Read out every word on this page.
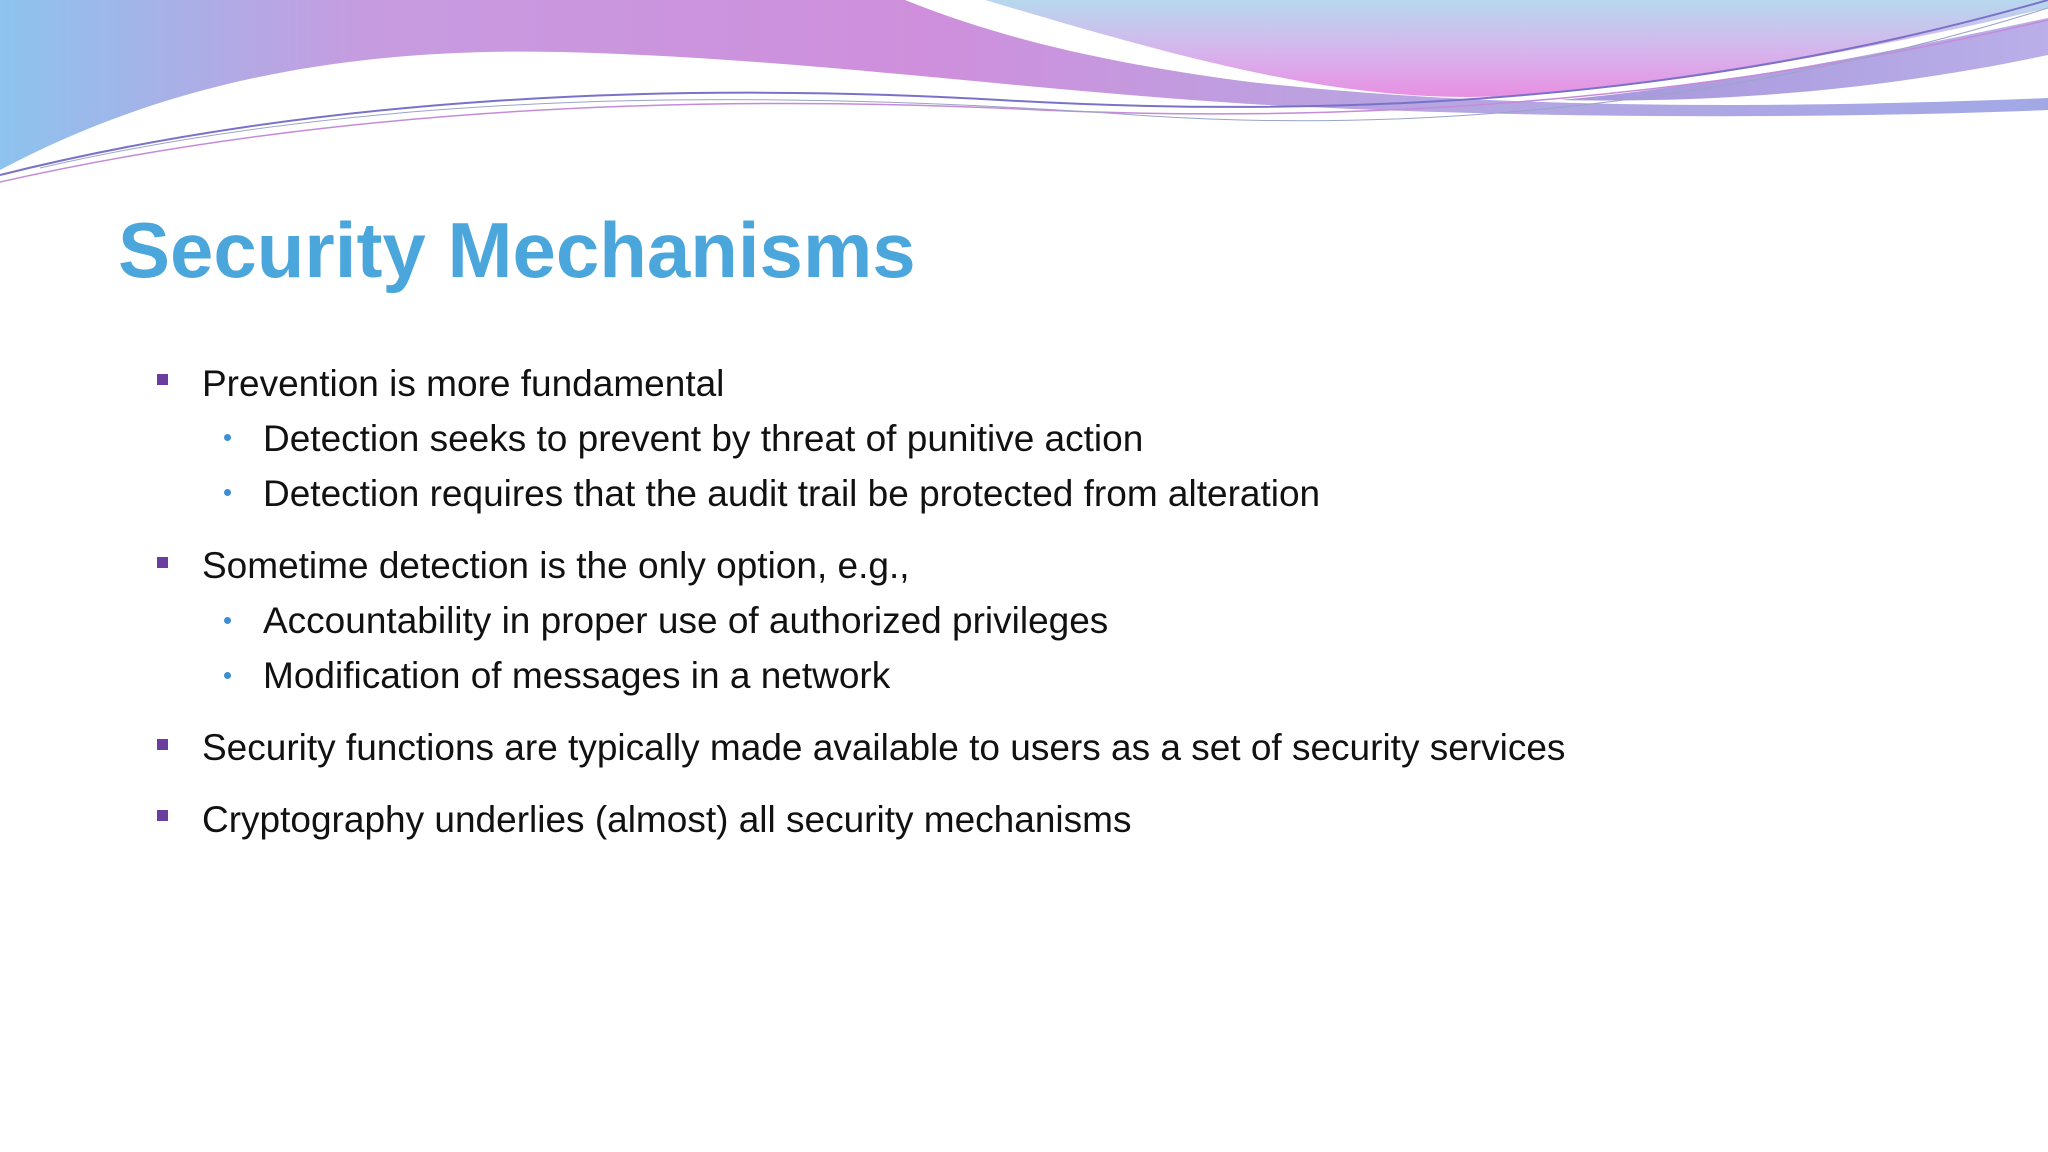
Security Mechanisms
Prevention is more fundamental
Detection seeks to prevent by threat of punitive action
Detection requires that the audit trail be protected from alteration
Sometime detection is the only option, e.g.,
Accountability in proper use of authorized privileges
Modification of messages in a network
Security functions are typically made available to users as a set of security services
Cryptography underlies (almost) all security mechanisms
